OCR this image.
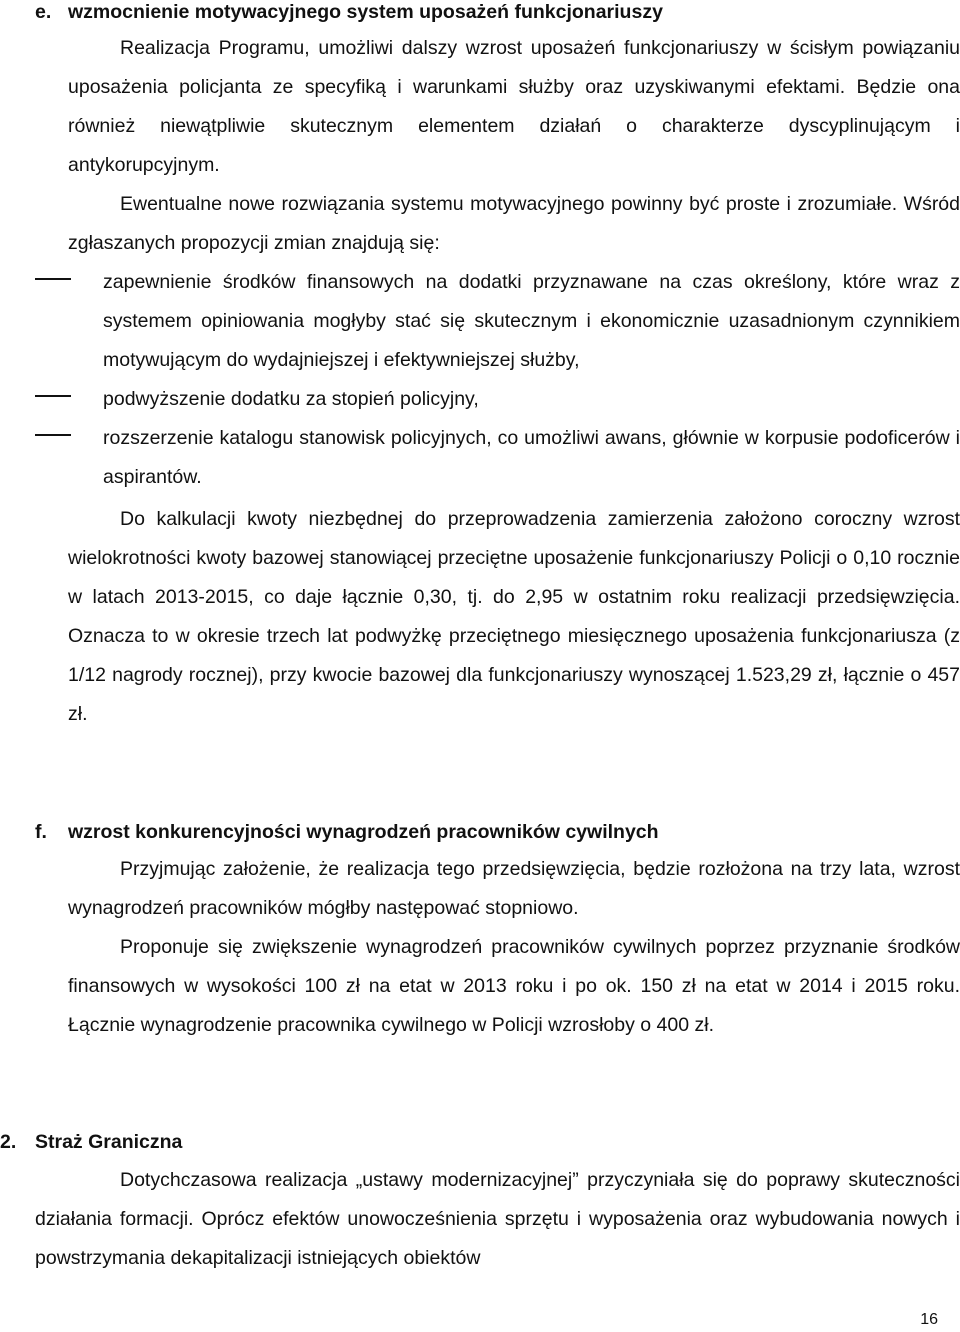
e. wzmocnienie motywacyjnego system uposażeń funkcjonariuszy

Realizacja Programu, umożliwi dalszy wzrost uposażeń funkcjonariuszy w ścisłym powiązaniu uposażenia policjanta ze specyfiką i warunkami służby oraz uzyskiwanymi efektami. Będzie ona również niewątpliwie skutecznym elementem działań o charakterze dyscyplinującym i antykorupcyjnym.

Ewentualne nowe rozwiązania systemu motywacyjnego powinny być proste i zrozumiałe. Wśród zgłaszanych propozycji zmian znajdują się:

zapewnienie środków finansowych na dodatki przyznawane na czas określony, które wraz z systemem opiniowania mogłyby stać się skutecznym i ekonomicznie uzasadnionym czynnikiem motywującym do wydajniejszej i efektywniejszej służby,
podwyższenie dodatku za stopień policyjny,
rozszerzenie katalogu stanowisk policyjnych, co umożliwi awans, głównie w korpusie podoficerów i aspirantów.

Do kalkulacji kwoty niezbędnej do przeprowadzenia zamierzenia założono coroczny wzrost wielokrotności kwoty bazowej stanowiącej przeciętne uposażenie funkcjonariuszy Policji o 0,10 rocznie w latach 2013-2015, co daje łącznie 0,30, tj. do 2,95 w ostatnim roku realizacji przedsięwzięcia. Oznacza to w okresie trzech lat podwyżkę przeciętnego miesięcznego uposażenia funkcjonariusza (z 1/12 nagrody rocznej), przy kwocie bazowej dla funkcjonariuszy wynoszącej 1.523,29 zł, łącznie o 457 zł.

f. wzrost konkurencyjności wynagrodzeń pracowników cywilnych

Przyjmując założenie, że realizacja tego przedsięwzięcia, będzie rozłożona na trzy lata, wzrost wynagrodzeń pracowników mógłby następować stopniowo.

Proponuje się zwiększenie wynagrodzeń pracowników cywilnych poprzez przyznanie środków finansowych w wysokości 100 zł na etat w 2013 roku i po ok. 150 zł na etat w 2014 i 2015 roku. Łącznie wynagrodzenie pracownika cywilnego w Policji wzrosłoby o 400 zł.

2. Straż Graniczna

Dotychczasowa realizacja „ustawy modernizacyjnej” przyczyniała się do poprawy skuteczności działania formacji. Oprócz efektów unowocześnienia sprzętu i wyposażenia oraz wybudowania nowych i powstrzymania dekapitalizacji istniejących obiektów

16
